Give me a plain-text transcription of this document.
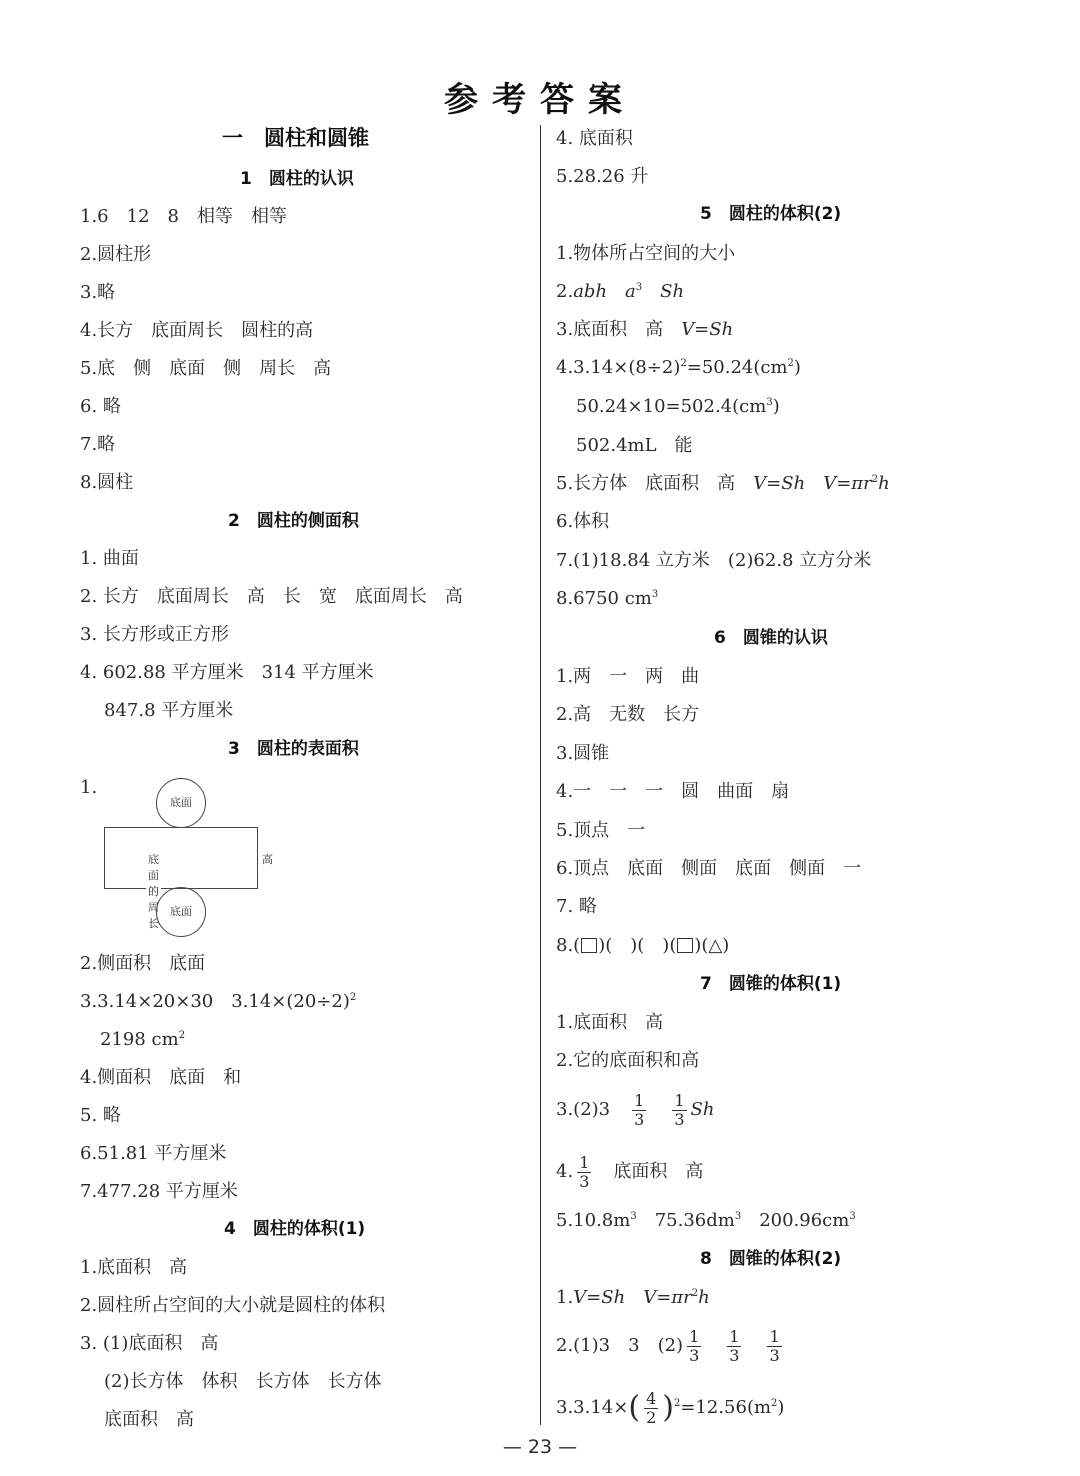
参考答案
一　圆柱和圆锥
1　圆柱的认识
1.6　12　8　相等　相等
2.圆柱形
3.略
4.长方　底面周长　圆柱的高
5.底　侧　底面　侧　周长　高
6. 略
7.略
8.圆柱
2　圆柱的侧面积
1. 曲面
2. 长方　底面周长　高　长　宽　底面周长　高
3. 长方形或正方形
4. 602.88 平方厘米　314 平方厘米
847.8 平方厘米
3　圆柱的表面积
1.
底面
底面的周长
高
底面
2.侧面积　底面
3.3.14×20×30　$3.14\times(20\div 2)^2$
2198 $cm^2$
4.侧面积　底面　和
5. 略
6.51.81 平方厘米
7.477.28 平方厘米
4　圆柱的体积(1)
1.底面积　高
2.圆柱所占空间的大小就是圆柱的体积
3. (1)底面积　高
(2)长方体　体积　长方体　长方体
底面积　高
4. 底面积
5.28.26 升
5　圆柱的体积(2)
1.物体所占空间的大小
2.abh　 $a^3$　 Sh
3.底面积　高　V=Sh
$4.3.14\times(8\div 2)^2=50.24(cm^2)$
$50.24\times 10=502.4(cm^3)$
502.4mL　能
5.长方体　底面积　高　V=Sh　 $V=\pi r^2h$
6.体积
7.(1)18.84 立方米　(2)62.8 立方分米
8.6750 $cm^3$
6　圆锥的认识
1.两　一　两　曲
2.高　无数　长方
3.圆锥
4.一　一　一　圆　曲面　扇
5.顶点　一
6.顶点　底面　侧面　底面　侧面　一
7. 略
8.( )(　)(　)( )(△)
7　圆锥的体积(1)
1.底面积　高
2.它的底面积和高
3.(2)3　 $\frac{1}{3}$
　 $\frac{1}{3}$ Sh
4. $\frac{1}{3}$
　 底面积　高
$5.10.8m^3$　 $75.36dm^3$　 $200.96cm^3$
8　圆锥的体积(2)
1.V=Sh　 $V=\pi r^2h$
2.(1)3　3　$(2) \frac{1}{3}$
　 $\frac{1}{3}$
　 $\frac{1}{3}$
$3.3.14\times( \frac{4}{2} )^2=12.56(m^2)$
— 23 —
